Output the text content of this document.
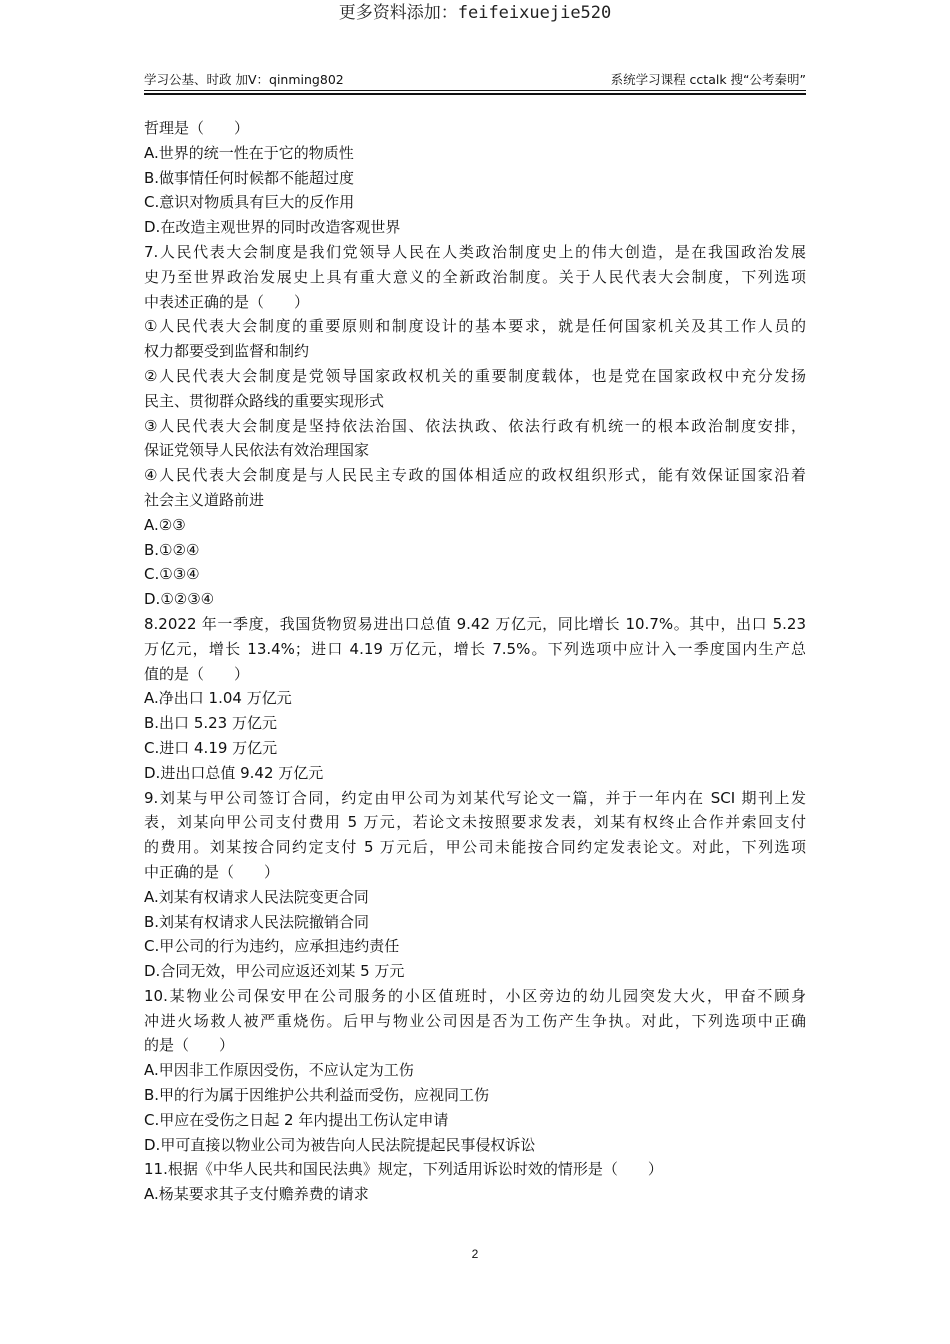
更多资料添加：feifeixuejie520
学习公基、时政 加V：qinming802	系统学习课程 cctalk 搜“公考秦明”
哲理是（　　）
A.世界的统一性在于它的物质性
B.做事情任何时候都不能超过度
C.意识对物质具有巨大的反作用
D.在改造主观世界的同时改造客观世界
7.人民代表大会制度是我们党领导人民在人类政治制度史上的伟大创造，是在我国政治发展
史乃至世界政治发展史上具有重大意义的全新政治制度。关于人民代表大会制度，下列选项
中表述正确的是（　　）
①人民代表大会制度的重要原则和制度设计的基本要求，就是任何国家机关及其工作人员的
权力都要受到监督和制约
②人民代表大会制度是党领导国家政权机关的重要制度载体，也是党在国家政权中充分发扬
民主、贯彻群众路线的重要实现形式
③人民代表大会制度是坚持依法治国、依法执政、依法行政有机统一的根本政治制度安排，
保证党领导人民依法有效治理国家
④人民代表大会制度是与人民民主专政的国体相适应的政权组织形式，能有效保证国家沿着
社会主义道路前进
A.②③
B.①②④
C.①③④
D.①②③④
8.2022 年一季度，我国货物贸易进出口总值 9.42 万亿元，同比增长 10.7%。其中，出口 5.23
万亿元，增长 13.4%；进口 4.19 万亿元，增长 7.5%。下列选项中应计入一季度国内生产总
值的是（　　）
A.净出口 1.04 万亿元
B.出口 5.23 万亿元
C.进口 4.19 万亿元
D.进出口总值 9.42 万亿元
9.刘某与甲公司签订合同，约定由甲公司为刘某代写论文一篇，并于一年内在 SCI 期刊上发
表，刘某向甲公司支付费用 5 万元，若论文未按照要求发表，刘某有权终止合作并索回支付
的费用。刘某按合同约定支付 5 万元后，甲公司未能按合同约定发表论文。对此，下列选项
中正确的是（　　）
A.刘某有权请求人民法院变更合同
B.刘某有权请求人民法院撤销合同
C.甲公司的行为违约，应承担违约责任
D.合同无效，甲公司应返还刘某 5 万元
10.某物业公司保安甲在公司服务的小区值班时，小区旁边的幼儿园突发大火，甲奋不顾身
冲进火场救人被严重烧伤。后甲与物业公司因是否为工伤产生争执。对此，下列选项中正确
的是（　　）
A.甲因非工作原因受伤，不应认定为工伤
B.甲的行为属于因维护公共利益而受伤，应视同工伤
C.甲应在受伤之日起 2 年内提出工伤认定申请
D.甲可直接以物业公司为被告向人民法院提起民事侵权诉讼
11.根据《中华人民共和国民法典》规定，下列适用诉讼时效的情形是（　　）
A.杨某要求其子支付赡养费的请求
2
